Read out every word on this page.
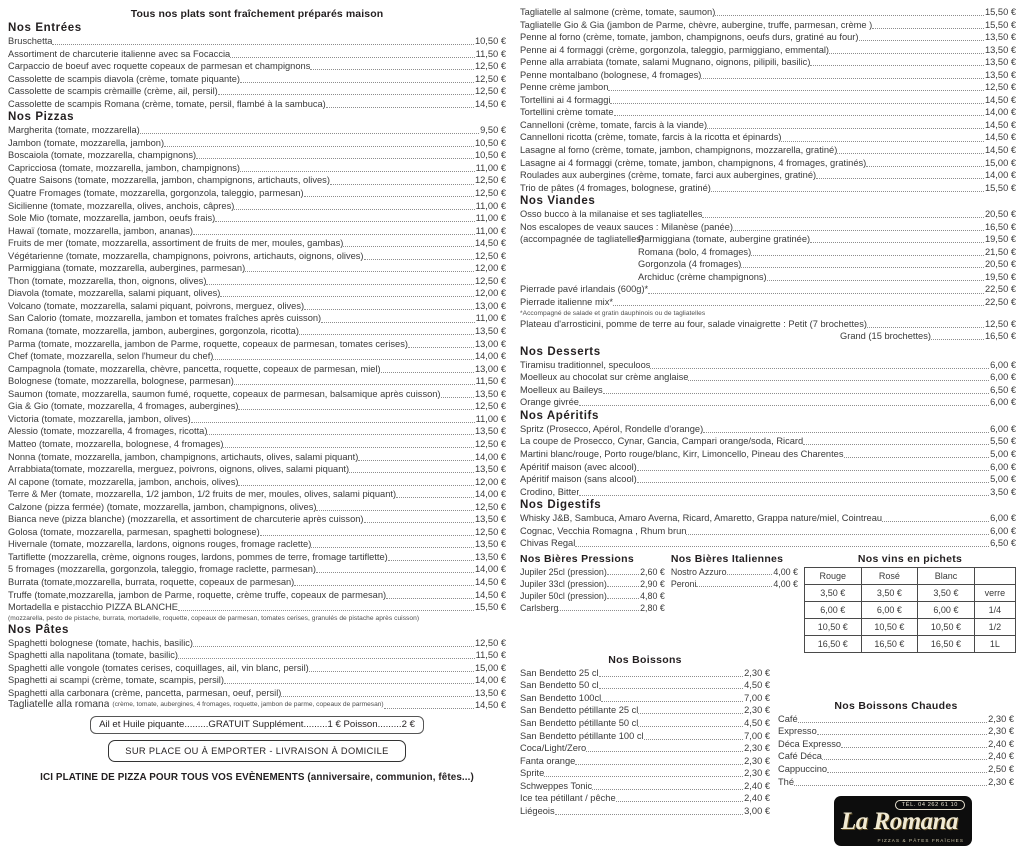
Tous nos plats sont fraîchement préparés maison
Nos Entrées
Bruschetta	10,50 €
Assortiment de charcuterie italienne avec sa Focaccia	11,50 €
Carpaccio de boeuf avec roquette copeaux de parmesan et champignons	12,50 €
Cassolette de scampis diavola (crème, tomate piquante)	12,50 €
Cassolette de scampis crèmaille (crème, ail, persil)	12,50 €
Cassolette de scampis Romana (crème, tomate, persil, flambé à la sambuca)	14,50 €
Nos Pizzas
Margherita (tomate, mozzarella)	9,50 €
Jambon (tomate, mozzarella, jambon)	10,50 €
Boscaiola (tomate, mozzarella, champignons)	10,50 €
Capricciosa (tomate, mozzarella, jambon, champignons)	11,00 €
Quatre Saisons (tomate, mozzarella, jambon, champignons, artichauts, olives)	12,50 €
Quatre Fromages (tomate, mozzarella, gorgonzola, taleggio, parmesan)	12,50 €
Sicilienne (tomate, mozzarella, olives, anchois, câpres)	11,00 €
Sole Mio (tomate, mozzarella, jambon, oeufs frais)	11,00 €
Hawaï (tomate, mozzarella, jambon, ananas)	11,00 €
Fruits de mer (tomate, mozzarella, assortiment de fruits de mer, moules, gambas)	14,50 €
Végétarienne (tomate, mozzarella, champignons, poivrons, artichauts, oignons, olives)	12,50 €
Parmiggiana (tomate, mozzarella, aubergines, parmesan)	12,00 €
Thon (tomate, mozzarella, thon, oignons, olives)	12,50 €
Diavola (tomate, mozzarella, salami piquant, olives)	12,00 €
Volcano (tomate, mozzarella, salami piquant, poivrons, merguez, olives)	13,00 €
San Calorio (tomate, mozzarella, jambon et tomates fraîches après cuisson)	11,00 €
Romana (tomate, mozzarella, jambon, aubergines, gorgonzola, ricotta)	13,50 €
Parma (tomate, mozzarella, jambon de Parme, roquette, copeaux de parmesan, tomates cerises)	13,00 €
Chef (tomate, mozzarella, selon l'humeur du chef)	14,00 €
Campagnola (tomate, mozzarella, chèvre, pancetta, roquette, copeaux de parmesan, miel)	13,00 €
Bolognese (tomate, mozzarella, bolognese, parmesan)	11,50 €
Saumon (tomate, mozzarella, saumon fumé, roquette, copeaux de parmesan, balsamique après cuisson)	13,50 €
Gia & Gio (tomate, mozzarella, 4 fromages, aubergines)	12,50 €
Victoria (tomate, mozzarella, jambon, olives)	11,00 €
Alessio (tomate, mozzarella, 4 fromages, ricotta)	13,50 €
Matteo (tomate, mozzarella, bolognese, 4 fromages)	12,50 €
Nonna (tomate, mozzarella, jambon, champignons, artichauts, olives, salami piquant)	14,00 €
Arrabbiata(tomate, mozzarella, merguez, poivrons, oignons, olives, salami piquant)	13,50 €
Al capone (tomate, mozzarella, jambon, anchois, olives)	12,00 €
Terre & Mer (tomate, mozzarella, 1/2 jambon, 1/2 fruits de mer, moules, olives, salami piquant)	14,00 €
Calzone (pizza fermée) (tomate, mozzarella, jambon, champignons, olives)	12,50 €
Bianca neve (pizza blanche) (mozzarella, et assortiment de charcuterie après cuisson)	13,50 €
Golosa (tomate, mozzarella, parmesan, spaghetti bolognese)	12,50 €
Hivernale (tomate, mozzarella, lardons, oignons rouges, fromage raclette)	13,50 €
Tartiflette (mozzarella, crème, oignons rouges, lardons, pommes de terre, fromage tartiflette)	13,50 €
5 fromages (mozzarella, gorgonzola, taleggio, fromage raclette, parmesan)	14,00 €
Burrata (tomate,mozzarella, burrata, roquette, copeaux de parmesan)	14,50 €
Truffe (tomate,mozzarella, jambon de Parme, roquette, crème truffe, copeaux de parmesan)	14,50 €
Mortadella e pistacchio PIZZA BLANCHE	15,50 €
(mozzarella, pesto de pistache, burrata, mortadelle, roquette, copeaux de parmesan, tomates cerises, granulés de pistache après cuisson)
Nos Pâtes
Spaghetti bolognese (tomate, hachis, basilic)	12,50 €
Spaghetti alla napolitana (tomate, basilic)	11,50 €
Spaghetti alle vongole (tomates cerises, coquillages, ail, vin blanc, persil)	15,00 €
Spaghetti ai scampi (crème, tomate, scampis, persil)	14,00 €
Spaghetti alla carbonara (crème, pancetta, parmesan, oeuf, persil)	13,50 €
Tagliatelle alla romana (crème, tomate, aubergines, 4 fromages, roquette, jambon de parme, copeaux de parmesan)	14,50 €
Ail et Huile piquante.........GRATUIT Supplément.........1 € Poisson.........2 €
SUR PLACE OU À EMPORTER - LIVRAISON À DOMICILE
ICI PLATINE DE PIZZA POUR TOUS VOS EVÈNEMENTS (anniversaire, communion, fêtes...)
Tagliatelle al salmone (crème, tomate, saumon)	15,50 €
Tagliatelle Gio & Gia (jambon de Parme, chèvre, aubergine, truffe, parmesan, crème )	15,50 €
Penne al forno (crème, tomate, jambon, champignons, oeufs durs, gratiné au four)	13,50 €
Penne ai 4 formaggi (crème, gorgonzola, taleggio, parmiggiano, emmental)	13,50 €
Penne alla arrabiata (tomate, salami Mugnano, oignons, pilipili, basilic)	13,50 €
Penne montalbano (bolognese, 4 fromages)	13,50 €
Penne crème jambon	12,50 €
Tortellini ai 4 formaggi	14,50 €
Tortellini crème tomate	14,00 €
Cannelloni (crème, tomate, farcis à la viande)	14,50 €
Cannelloni ricotta (crème, tomate, farcis à la ricotta et épinards)	14,50 €
Lasagne al forno (crème, tomate, jambon, champignons, mozzarella, gratiné)	14,50 €
Lasagne ai 4 formaggi (crème, tomate, jambon, champignons, 4 fromages, gratinés)	15,00 €
Roulades aux aubergines (crème, tomate, farci aux aubergines, gratiné)	14,00 €
Trio de pâtes (4 fromages, bolognese, gratiné)	15,50 €
Nos Viandes
Osso bucco à la milanaise et ses tagliatelles	20,50 €
Nos escalopes de veaux sauces : Milanèse (panée)	16,50 €
(accompagnée de tagliatelles)
Parmiggiana (tomate, aubergine gratinée)	19,50 €
Romana (bolo, 4 fromages)	21,50 €
Gorgonzola (4 fromages)	20,50 €
Archiduc (crème champignons)	19,50 €
Pierrade pavé irlandais (600g)*	22,50 €
Pierrade italienne mix*	22,50 €
*Accompagné de salade et gratin dauphinois ou de tagliatelles
Plateau d'arrosticini, pomme de terre au four, salade vinaigrette : Petit (7 brochettes)	12,50 €
Grand (15 brochettes)	16,50 €
Nos Desserts
Tiramisu traditionnel, speculoos	6,00 €
Moelleux au chocolat sur crème anglaise	6,00 €
Moelleux au Baileys	6,50 €
Orange givrée	6,00 €
Nos Apéritifs
Spritz (Prosecco, Apérol, Rondelle d'orange)	6,00 €
La coupe de Prosecco, Cynar, Gancia, Campari orange/soda, Ricard	5,50 €
Martini blanc/rouge, Porto rouge/blanc, Kirr, Limoncello, Pineau des Charentes	5,00 €
Apéritif maison (avec alcool)	6,00 €
Apéritif maison (sans alcool)	5,00 €
Crodino, Bitter	3,50 €
Nos Digestifs
Whisky J&B, Sambuca, Amaro Averna, Ricard, Amaretto, Grappa nature/miel, Cointreau	6,00 €
Cognac, Vecchia Romagna , Rhum brun	6,00 €
Chivas Regal	6,50 €
Nos Bières Pressions
Jupiler 25cl (pression)	2,60 €
Jupiler 33cl (pression)	2,90 €
Jupiler 50cl (pression)	4,80 €
Carlsberg	2,80 €
Nos Bières Italiennes
Nostro Azzuro	4,00 €
Peroni	4,00 €
Nos vins en pichets
Rouge	Rosé	Blanc	
3,50 €	3,50 €	3,50 €	verre
6,00 €	6,00 €	6,00 €	1/4
10,50 €	10,50 €	10,50 €	1/2
16,50 €	16,50 €	16,50 €	1L
Nos Boissons
San Bendetto 25 cl	2,30 €
San Bendetto 50 cl	4,50 €
San Bendetto 100cl	7,00 €
San Bendetto pétillante 25 cl	2,30 €
San Bendetto pétillante 50 cl	4,50 €
San Bendetto pétillante 100 cl	7,00 €
Coca/Light/Zero	2,30 €
Fanta orange	2,30 €
Sprite	2,30 €
Schweppes Tonic	2,40 €
Ice tea pétillant / pêche	2,40 €
Liégeois	3,00 €
Nos Boissons Chaudes
Café	2,30 €
Expresso	2,30 €
Déca Expresso	2,40 €
Café Déca	2,40 €
Cappuccino	2,50 €
Thé	2,30 €
TÉL. 04 262 61 10
La Romana
PIZZAS & PÂTES FRAÎCHES
